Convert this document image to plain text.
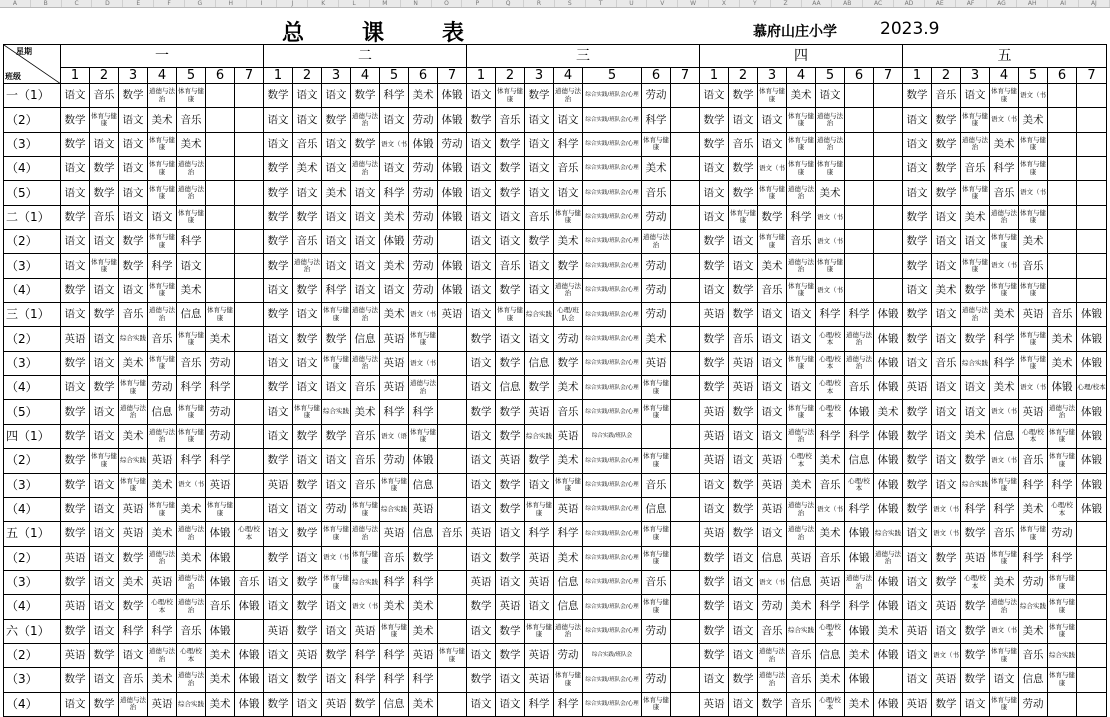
A	B	C	D	E	F	G	H	I	J	K	L	M	N	O	P	Q	R	S	T	U	V	W	X	Y	Z	AA	AB	AC	AD	AE	AF	AG	AH	AI	AJ
总课表	慕府山庄小学	2023.9
星期
班级	一							二							三							四							五						
	1	2	3	4	5	6	7	1	2	3	4	5	6	7	1	2	3	4	5	6	7	1	2	3	4	5	6	7	1	2	3	4	5	6	7
一（1）	语文	音乐	数学	道德与法治	体育与健康			数学	语文	语文	数学	科学	美术	体锻	语文	体育与健康	数学	道德与法治	综合实践/班队会/心理	劳动		语文	数学	体育与健康	美术	语文			数学	音乐	语文	体育与健康	语文（书		
（2）	数学	体育与健康	语文	美术	音乐			语文	语文	数学	道德与法治	语文	劳动	体锻	数学	音乐	语文	语文	综合实践/班队会/心理	科学		数学	语文	语文	体育与健康	道德与法治			语文	数学	体育与健康	语文（书	美术		
（3）	数学	语文	语文	体育与健康	美术			语文	音乐	语文	数学	语文（书	体锻	劳动	语文	数学	语文	科学	综合实践/班队会/心理	体育与健康		数学	音乐	语文	体育与健康	道德与法治			语文	数学	道德与法治	美术	体育与健康		
（4）	语文	数学	语文	体育与健康	道德与法治			数学	美术	语文	道德与法治	语文	劳动	体锻	语文	数学	语文	音乐	综合实践/班队会/心理	美术		语文	数学	语文（书	体育与健康	体育与健康			语文	数学	音乐	科学	体育与健康		
（5）	语文	数学	语文	体育与健康	道德与法治			数学	语文	美术	语文	科学	劳动	体锻	语文	数学	语文	语文	综合实践/班队会/心理	音乐		语文	数学	体育与健康	道德与法治	美术			语文	数学	体育与健康	音乐	语文（书		
二（1）	数学	音乐	语文	语文	体育与健康			数学	数学	语文	语文	美术	劳动	体锻	语文	语文	音乐	体育与健康	综合实践/班队会/心理	劳动		语文	体育与健康	数学	科学	语文（书			数学	语文	美术	道德与法治	体育与健康		
（2）	语文	语文	数学	体育与健康	科学			数学	音乐	语文	语文	体锻	劳动		语文	语文	数学	美术	综合实践/班队会/心理	道德与法治		数学	语文	体育与健康	音乐	语文（书			数学	语文	语文	体育与健康	美术		
（3）	语文	体育与健康	数学	科学	语文			数学	道德与法治	语文	语文	美术	劳动	体锻	语文	音乐	语文	数学	综合实践/班队会/心理	劳动		数学	语文	美术	道德与法治	体育与健康			数学	语文	体育与健康	语文（书	音乐		
（4）	数学	语文	语文	体育与健康	美术			语文	数学	科学	语文	语文	劳动	体锻	语文	数学	语文	道德与法治	综合实践/班队会/心理	劳动		语文	数学	音乐	体育与健康	语文（书			语文	美术	数学	体育与健康	体育与健康		
三（1）	语文	数学	音乐	道德与法治	信息	体育与健康		数学	语文	体育与健康	道德与法治	美术	语文（书	英语	语文	体育与健康	综合实践	心理/班队会	综合实践/班队会/心理	劳动		英语	数学	语文	语文	科学	科学	体锻	数学	语文	道德与法治	美术	英语	音乐	体锻
（2）	英语	语文	综合实践	音乐	体育与健康	美术		语文	数学	数学	信息	英语	体育与健康		数学	语文	语文	劳动	综合实践/班队会/心理	美术		数学	音乐	语文	语文	心理/校本	道德与法治	体锻	数学	语文	数学	科学	体育与健康	美术	体锻
（3）	数学	语文	美术	体育与健康	音乐	劳动		语文	语文	体育与健康	道德与法治	英语	语文（书		语文	数学	信息	数学	综合实践/班队会/心理	英语		数学	英语	语文	体育与健康	心理/校本	道德与法治	体锻	语文	音乐	综合实践	科学	体育与健康	美术	体锻
（4）	语文	数学	体育与健康	劳动	科学	科学		数学	语文	语文	音乐	英语	道德与法治		语文	信息	数学	美术	综合实践/班队会/心理	体育与健康		数学	英语	语文	语文	心理/校本	音乐	体锻	英语	语文	语文	美术	语文（书	体锻	心理/校本
（5）	数学	语文	道德与法治	信息	体育与健康	劳动		语文	体育与健康	综合实践	美术	科学	科学		数学	数学	英语	音乐	综合实践/班队会/心理	体育与健康		英语	数学	语文	体育与健康	心理/校本	体锻	美术	数学	语文	语文	语文（书	英语	道德与法治	体锻
四（1）	数学	语文	美术	道德与法治	体育与健康	劳动		语文	数学	数学	音乐	语文（语	体育与健康		语文	数学	综合实践	英语	综合实践/班队会			英语	语文	语文	道德与法治	科学	科学	体锻	数学	语文	美术	信息	心理/校本	体育与健康	体锻
（2）	数学	体育与健康	综合实践	英语	科学	科学		数学	语文	语文	音乐	劳动	体锻		语文	英语	数学	美术	综合实践/班队会/心理	体育与健康		英语	语文	英语	心理/校本	美术	信息	体锻	数学	语文	数学	语文（书	音乐	体育与健康	体锻
（3）	数学	语文	体育与健康	美术	语文（书	英语		英语	数学	语文	音乐	体育与健康	信息		语文	数学	语文	体育与健康	综合实践/班队会/心理	音乐		语文	数学	英语	美术	音乐	心理/校本	体锻	数学	语文	综合实践	体育与健康	科学	科学	体锻
（4）	数学	语文	英语	体育与健康	美术	体育与健康		语文	语文	劳动	体育与健康	综合实践	英语		语文	数学	体育与健康	英语	综合实践/班队会/心理	信息		语文	数学	英语	道德与法治	语文（书	科学	体锻	数学	语文（书	科学	科学	美术	心理/校本	体锻
五（1）	数学	语文	英语	美术	道德与法治	体锻	心理/校本	语文	数学	体育与健康	道德与法治	英语	信息	音乐	英语	语文	科学	科学	综合实践/班队会/心理	体育与健康		英语	数学	语文	道德与法治	美术	体锻	综合实践	语文	语文（书	数学	音乐	体育与健康	劳动	
（2）	英语	语文	数学	道德与法治	美术	体锻		数学	语文	语文（书	体育与健康	音乐	数学		语文	数学	英语	美术	综合实践/班队会/心理	体育与健康		数学	语文	信息	英语	音乐	体锻	道德与法治	语文	数学	英语	体育与健康	科学	科学	
（3）	数学	语文	美术	英语	道德与法治	体锻	音乐	语文	数学	体育与健康	综合实践	科学	科学		英语	语文	英语	信息	综合实践/班队会/心理	音乐		数学	语文	语文（书	信息	英语	道德与法治	体锻	语文	数学	心理/校本	美术	劳动	体育与健康	
（4）	英语	语文	数学	心理/校本	道德与法治	音乐	体锻	语文	数学	语文	语文（书	美术	美术		数学	英语	语文	信息	综合实践/班队会/心理	体育与健康		数学	语文	劳动	美术	科学	科学	体锻	语文	英语	数学	道德与法治	综合实践	体育与健康	
六（1）	数学	语文	科学	科学	音乐	体锻		英语	数学	语文	英语	体育与健康	美术		语文	数学	体育与健康	道德与法治	综合实践/班队会/心理	劳动		数学	语文	音乐	综合实践	心理/校本	体锻	美术	英语	语文	数学	语文（书	美术	体育与健康	
（2）	英语	数学	语文	道德与法治	心理/校本	美术	体锻	语文	英语	数学	科学	科学	英语	体育与健康	语文	数学	英语	劳动	综合实践/班队会			数学	语文	道德与法治	音乐	信息	美术	体锻	语文	语文（书	数学	体育与健康	音乐	综合实践	
（3）	数学	语文	音乐	美术	道德与法治	美术	体锻	语文	数学	语文	科学	科学	科学		数学	语文	英语	体育与健康	综合实践/班队会/心理	劳动		语文	数学	道德与法治	音乐	美术	体锻		语文	英语	数学	语文	信息	体育与健康	
（4）	语文	数学	道德与法治	英语	综合实践	美术	体锻	数学	语文	英语	数学	信息	美术		语文	语文	科学	科学	综合实践/班队会/心理	体育与健康		英语	语文	数学	音乐	心理/校本	美术	体锻	英语	数学	语文	体育与健康	劳动		
